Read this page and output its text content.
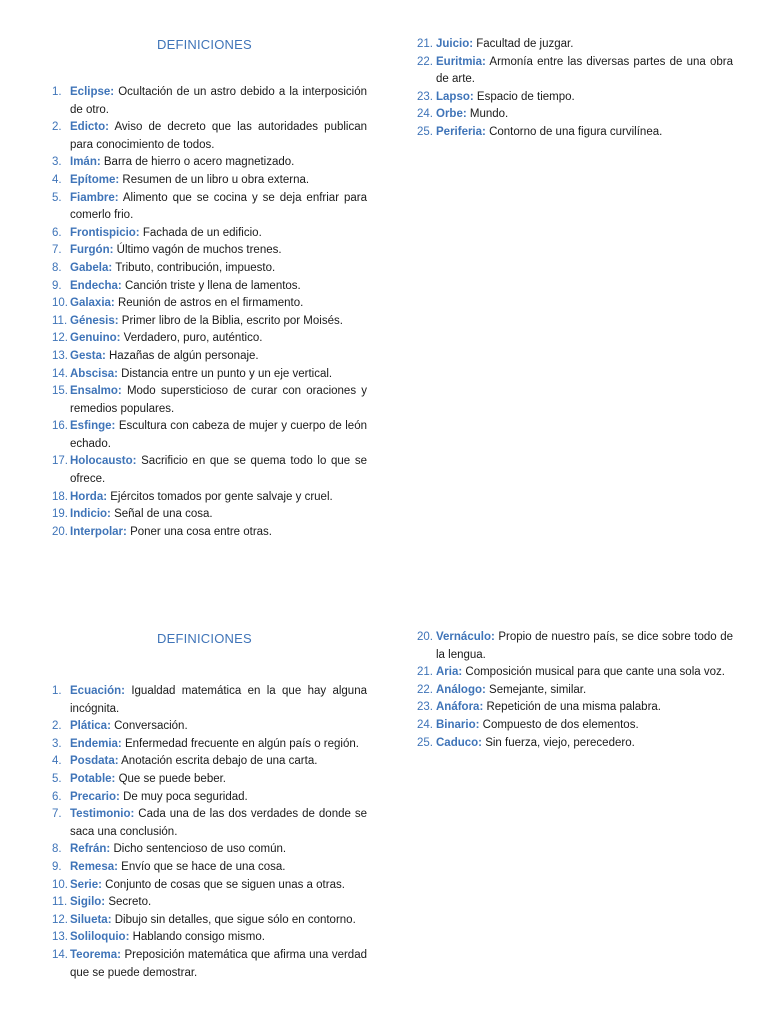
DEFINICIONES
1. Eclipse: Ocultación de un astro debido a la interposición de otro.
2. Edicto: Aviso de decreto que las autoridades publican para conocimiento de todos.
3. Imán: Barra de hierro o acero magnetizado.
4. Epítome: Resumen de un libro u obra externa.
5. Fiambre: Alimento que se cocina y se deja enfriar para comerlo frio.
6. Frontispicio: Fachada de un edificio.
7. Furgón: Último vagón de muchos trenes.
8. Gabela: Tributo, contribución, impuesto.
9. Endecha: Canción triste y llena de lamentos.
10. Galaxia: Reunión de astros en el firmamento.
11. Génesis: Primer libro de la Biblia, escrito por Moisés.
12. Genuino: Verdadero, puro, auténtico.
13. Gesta: Hazañas de algún personaje.
14. Abscisa: Distancia entre un punto y un eje vertical.
15. Ensalmo: Modo supersticioso de curar con oraciones y remedios populares.
16. Esfinge: Escultura con cabeza de mujer y cuerpo de león echado.
17. Holocausto: Sacrificio en que se quema todo lo que se ofrece.
18. Horda: Ejércitos tomados por gente salvaje y cruel.
19. Indicio: Señal de una cosa.
20. Interpolar: Poner una cosa entre otras.
21. Juicio: Facultad de juzgar.
22. Euritmia: Armonía entre las diversas partes de una obra de arte.
23. Lapso: Espacio de tiempo.
24. Orbe: Mundo.
25. Periferia: Contorno de una figura curvilínea.
DEFINICIONES
1. Ecuación: Igualdad matemática en la que hay alguna incógnita.
2. Plática: Conversación.
3. Endemia: Enfermedad frecuente en algún país o región.
4. Posdata: Anotación escrita debajo de una carta.
5. Potable: Que se puede beber.
6. Precario: De muy poca seguridad.
7. Testimonio: Cada una de las dos verdades de donde se saca una conclusión.
8. Refrán: Dicho sentencioso de uso común.
9. Remesa: Envío que se hace de una cosa.
10. Serie: Conjunto de cosas que se siguen unas a otras.
11. Sigilo: Secreto.
12. Silueta: Dibujo sin detalles, que sigue sólo en contorno.
13. Soliloquio: Hablando consigo mismo.
14. Teorema: Preposición matemática que afirma una verdad que se puede demostrar.
20. Vernáculo: Propio de nuestro país, se dice sobre todo de la lengua.
21. Aria: Composición musical para que cante una sola voz.
22. Análogo: Semejante, similar.
23. Anáfora: Repetición de una misma palabra.
24. Binario: Compuesto de dos elementos.
25. Caduco: Sin fuerza, viejo, perecedero.
